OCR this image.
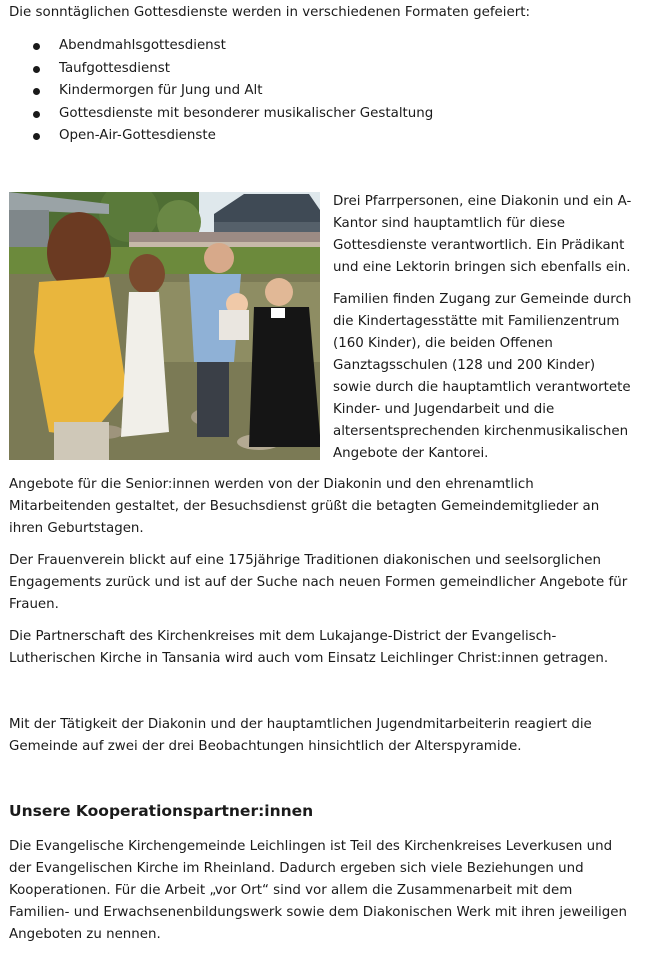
Die sonntäglichen Gottesdienste werden in verschiedenen Formaten gefeiert:

Abendmahlsgottesdienst
Taufgottesdienst
Kindermorgen für Jung und Alt
Gottesdienste mit besonderer musikalischer Gestaltung
Open-Air-Gottesdienste

Drei Pfarrpersonen, eine Diakonin und ein A-Kantor sind hauptamtlich für diese Gottesdienste verantwortlich. Ein Prädikant und eine Lektorin bringen sich ebenfalls ein.

Familien finden Zugang zur Gemeinde durch die Kindertagesstätte mit Familienzentrum (160 Kinder), die beiden Offenen Ganztagsschulen (128 und 200 Kinder) sowie durch die hauptamtlich verantwortete Kinder- und Jugendarbeit und die altersentsprechenden kirchenmusikalischen Angebote der Kantorei.

Angebote für die Senior:innen werden von der Diakonin und den ehrenamtlich Mitarbeitenden gestaltet, der Besuchsdienst grüßt die betagten Gemeindemitglieder an ihren Geburtstagen.

Der Frauenverein blickt auf eine 175jährige Traditionen diakonischen und seelsorglichen Engagements zurück und ist auf der Suche nach neuen Formen gemeindlicher Angebote für Frauen.

Die Partnerschaft des Kirchenkreises mit dem Lukajange-District der Evangelisch-Lutherischen Kirche in Tansania wird auch vom Einsatz Leichlinger Christ:innen getragen.

Mit der Tätigkeit der Diakonin und der hauptamtlichen Jugendmitarbeiterin reagiert die Gemeinde auf zwei der drei Beobachtungen hinsichtlich der Alterspyramide.

Unsere Kooperationspartner:innen

Die Evangelische Kirchengemeinde Leichlingen ist Teil des Kirchenkreises Leverkusen und der Evangelischen Kirche im Rheinland. Dadurch ergeben sich viele Beziehungen und Kooperationen. Für die Arbeit „vor Ort“ sind vor allem die Zusammenarbeit mit dem Familien- und Erwachsenenbildungswerk sowie dem Diakonischen Werk mit ihren jeweiligen Angeboten zu nennen.
